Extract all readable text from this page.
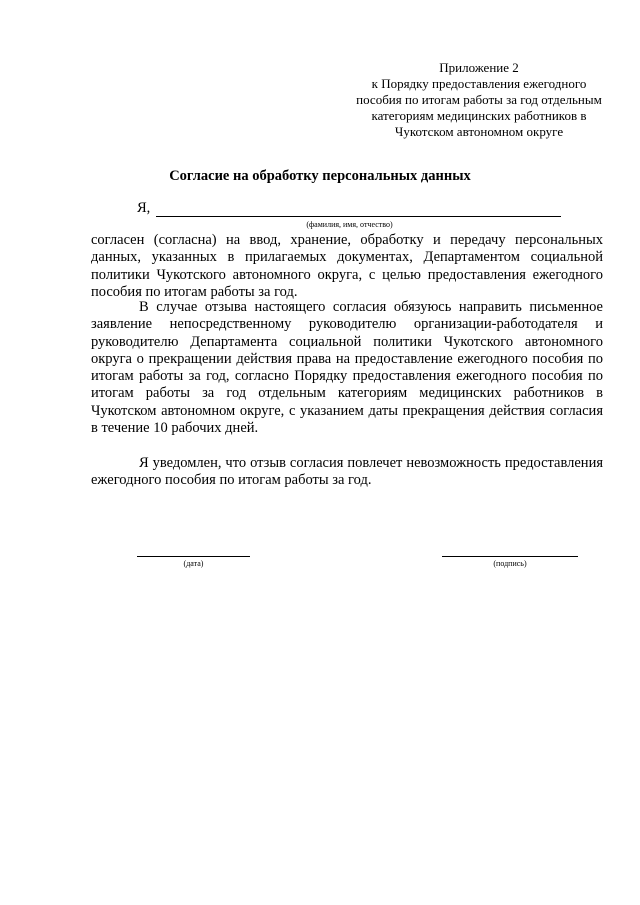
Приложение 2
к Порядку предоставления ежегодного
пособия по итогам работы за год отдельным
категориям медицинских работников в
Чукотском автономном округе
Согласие на обработку персональных данных
Я,
(фамилия, имя, отчество)

согласен (согласна) на ввод, хранение, обработку и передачу персональных данных, указанных в прилагаемых документах, Департаментом социальной политики Чукотского автономного округа, с целью предоставления ежегодного пособия по итогам работы за год.

В случае отзыва настоящего согласия обязуюсь направить письменное заявление непосредственному руководителю организации-работодателя и руководителю Департамента социальной политики Чукотского автономного округа о прекращении действия права на предоставление ежегодного пособия по итогам работы за год, согласно Порядку предоставления ежегодного пособия по итогам работы за год отдельным категориям медицинских работников в Чукотском автономном округе, с указанием даты прекращения действия согласия в течение 10 рабочих дней.

Я уведомлен, что отзыв согласия повлечет невозможность предоставления ежегодного пособия по итогам работы за год.

(дата)	(подпись)
